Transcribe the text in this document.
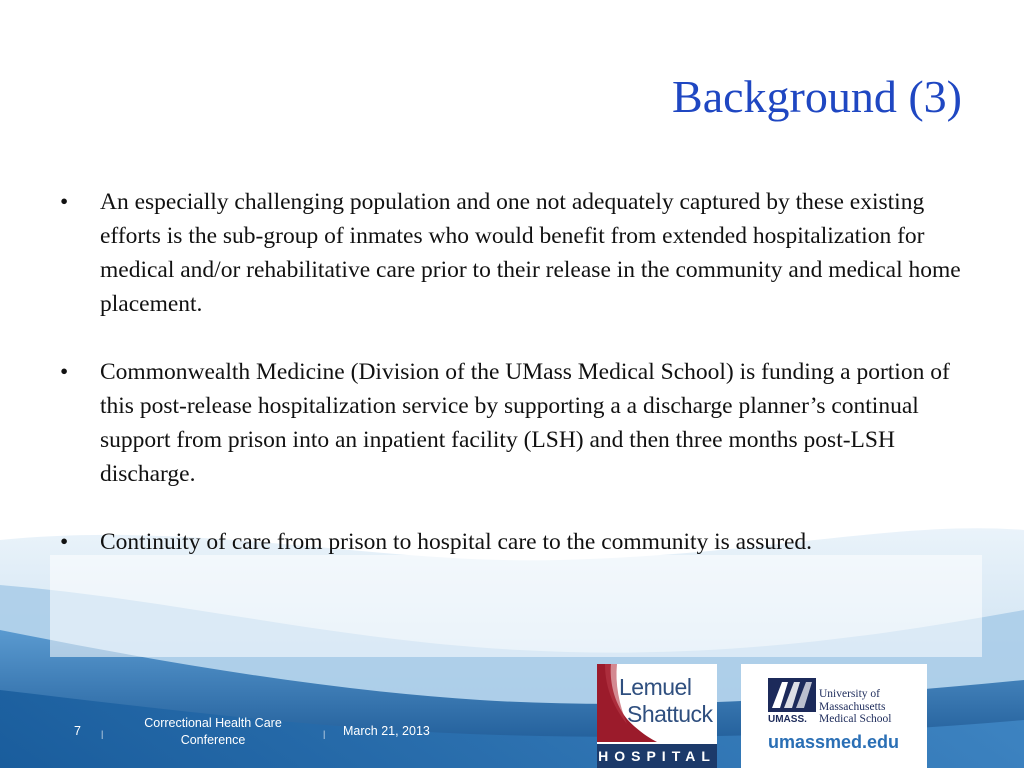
Background (3)
• An especially challenging population and one not adequately captured by these existing efforts is the sub-group of inmates who would benefit from extended hospitalization for medical and/or rehabilitative care prior to their release in the community and medical home placement.
• Commonwealth Medicine (Division of the UMass Medical School) is funding a portion of this post-release hospitalization service by supporting a a discharge planner’s continual support from prison into an inpatient facility (LSH) and then three months post-LSH discharge.
• Continuity of care from prison to hospital care to the community is assured.
7 |
Correctional Health Care
Conference	| March 21, 2013
Lemuel
Shattuck
HOSPITAL
UMASS.
University of
Massachusetts
Medical School
umassmed.edu
